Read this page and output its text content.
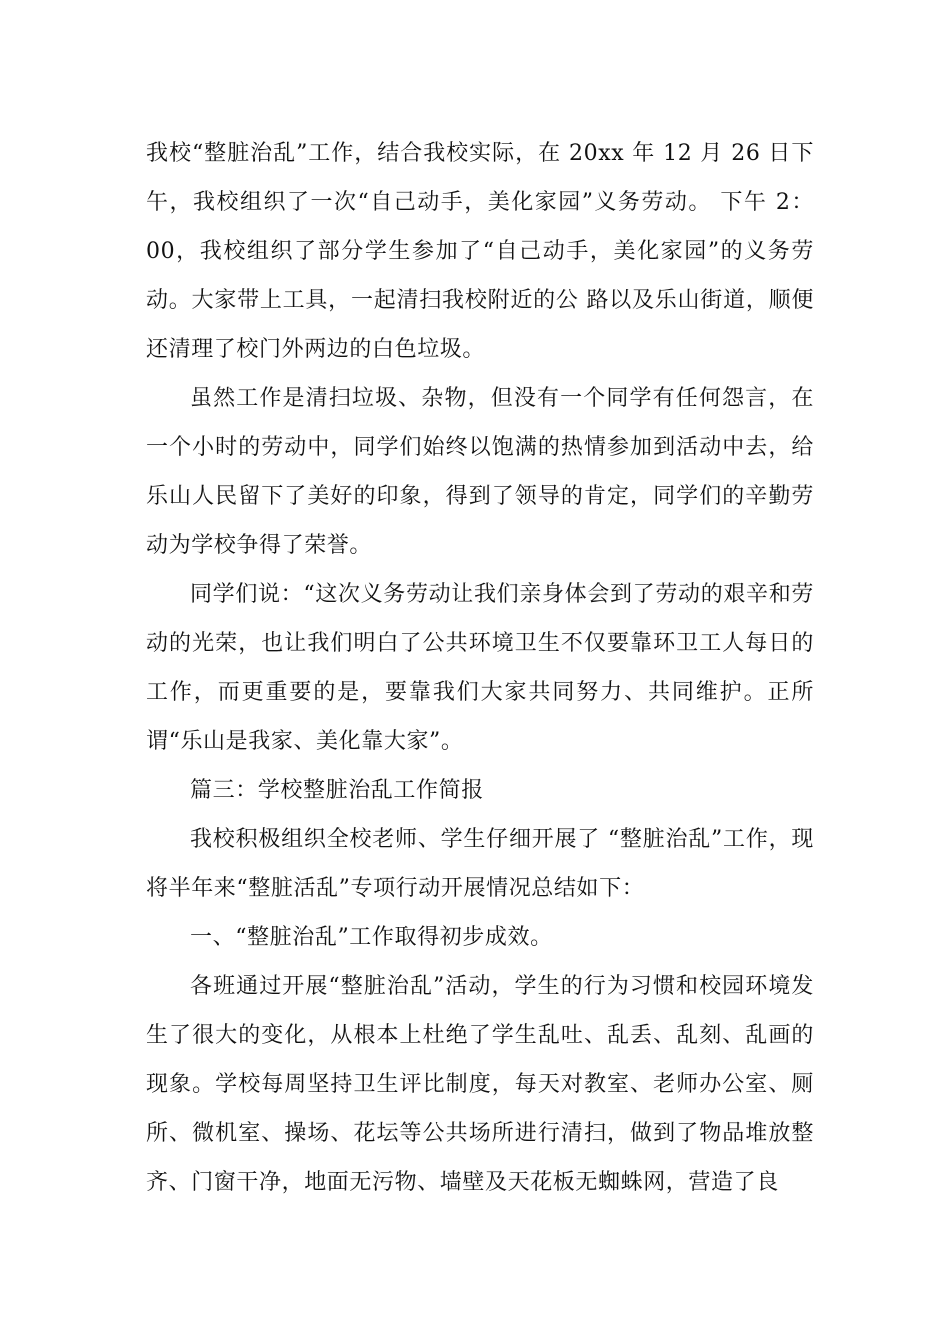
我校“整脏治乱”工作，结合我校实际，在 20xx 年 12 月 26 日下午，我校组织了一次“自己动手，美化家园”义务劳动。 下午 2：00，我校组织了部分学生参加了“自己动手，美化家园”的义务劳动。大家带上工具，一起清扫我校附近的公 路以及乐山街道，顺便还清理了校门外两边的白色垃圾。

虽然工作是清扫垃圾、杂物，但没有一个同学有任何怨言，在一个小时的劳动中，同学们始终以饱满的热情参加到活动中去，给乐山人民留下了美好的印象，得到了领导的肯定，同学们的辛勤劳动为学校争得了荣誉。

同学们说：“这次义务劳动让我们亲身体会到了劳动的艰辛和劳动的光荣，也让我们明白了公共环境卫生不仅要靠环卫工人每日的工作，而更重要的是，要靠我们大家共同努力、共同维护。正所谓“乐山是我家、美化靠大家”。

篇三：学校整脏治乱工作简报

我校积极组织全校老师、学生仔细开展了 “整脏治乱”工作，现将半年来“整脏活乱”专项行动开展情况总结如下：

一、“整脏治乱”工作取得初步成效。

各班通过开展“整脏治乱”活动，学生的行为习惯和校园环境发生了很大的变化，从根本上杜绝了学生乱吐、乱丢、乱刻、乱画的现象。学校每周坚持卫生评比制度，每天对教室、老师办公室、厕所、微机室、操场、花坛等公共场所进行清扫，做到了物品堆放整齐、门窗干净，地面无污物、墙壁及天花板无蜘蛛网，营造了良
